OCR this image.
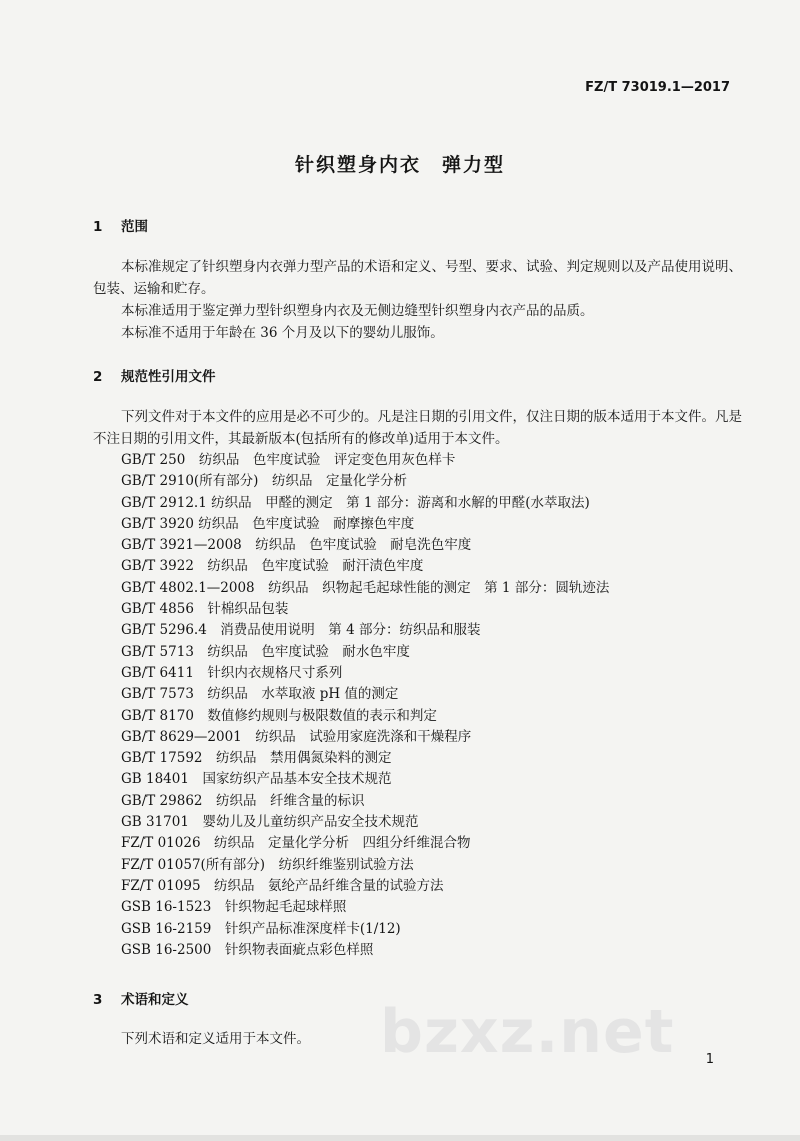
FZ/T 73019.1—2017
针织塑身内衣　弹力型
1 范围
本标准规定了针织塑身内衣弹力型产品的术语和定义、号型、要求、试验、判定规则以及产品使用说明、包装、运输和贮存。
本标准适用于鉴定弹力型针织塑身内衣及无侧边缝型针织塑身内衣产品的品质。
本标准不适用于年龄在 36 个月及以下的婴幼儿服饰。
2 规范性引用文件
下列文件对于本文件的应用是必不可少的。凡是注日期的引用文件，仅注日期的版本适用于本文件。凡是不注日期的引用文件，其最新版本(包括所有的修改单)适用于本文件。
GB/T 250　纺织品　色牢度试验　评定变色用灰色样卡
GB/T 2910(所有部分)　纺织品　定量化学分析
GB/T 2912.1 纺织品　甲醛的测定　第 1 部分：游离和水解的甲醛(水萃取法)
GB/T 3920 纺织品　色牢度试验　耐摩擦色牢度
GB/T 3921—2008　纺织品　色牢度试验　耐皂洗色牢度
GB/T 3922　纺织品　色牢度试验　耐汗渍色牢度
GB/T 4802.1—2008　纺织品　织物起毛起球性能的测定　第 1 部分：圆轨迹法
GB/T 4856　针棉织品包装
GB/T 5296.4　消费品使用说明　第 4 部分：纺织品和服装
GB/T 5713　纺织品　色牢度试验　耐水色牢度
GB/T 6411　针织内衣规格尺寸系列
GB/T 7573　纺织品　水萃取液 pH 值的测定
GB/T 8170　数值修约规则与极限数值的表示和判定
GB/T 8629—2001　纺织品　试验用家庭洗涤和干燥程序
GB/T 17592　纺织品　禁用偶氮染料的测定
GB 18401　国家纺织产品基本安全技术规范
GB/T 29862　纺织品　纤维含量的标识
GB 31701　婴幼儿及儿童纺织产品安全技术规范
FZ/T 01026　纺织品　定量化学分析　四组分纤维混合物
FZ/T 01057(所有部分)　纺织纤维鉴别试验方法
FZ/T 01095　纺织品　氨纶产品纤维含量的试验方法
GSB 16-1523　针织物起毛起球样照
GSB 16-2159　针织产品标准深度样卡(1/12)
GSB 16-2500　针织物表面疵点彩色样照
3 术语和定义
下列术语和定义适用于本文件。	bzxz.net 1
